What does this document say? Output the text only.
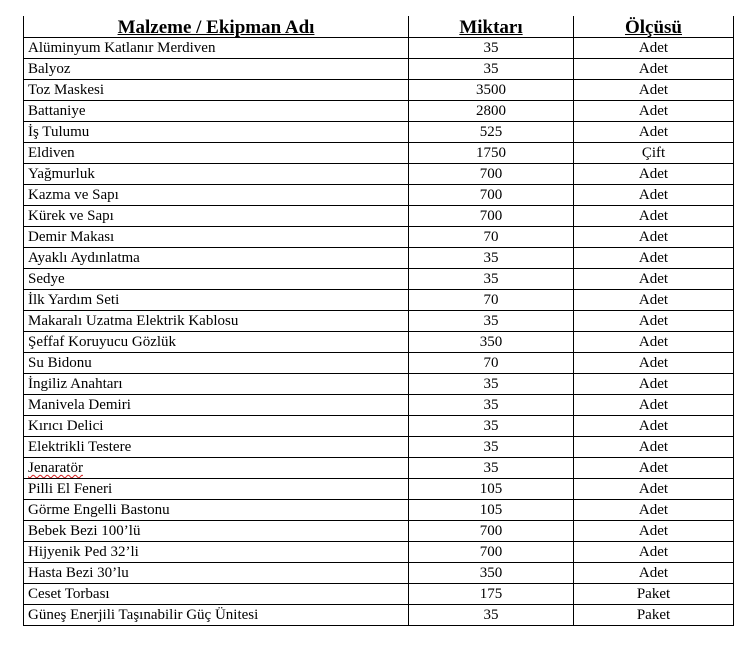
Malzeme / Ekipman Adı	Miktarı	Ölçüsü
Alüminyum Katlanır Merdiven	35	Adet
Balyoz	35	Adet
Toz Maskesi	3500	Adet
Battaniye	2800	Adet
İş Tulumu	525	Adet
Eldiven	1750	Çift
Yağmurluk	700	Adet
Kazma ve Sapı	700	Adet
Kürek ve Sapı	700	Adet
Demir Makası	70	Adet
Ayaklı Aydınlatma	35	Adet
Sedye	35	Adet
İlk Yardım Seti	70	Adet
Makaralı Uzatma Elektrik Kablosu	35	Adet
Şeffaf Koruyucu Gözlük	350	Adet
Su Bidonu	70	Adet
İngiliz Anahtarı	35	Adet
Manivela Demiri	35	Adet
Kırıcı Delici	35	Adet
Elektrikli Testere	35	Adet
Jenaratör	35	Adet
Pilli El Feneri	105	Adet
Görme Engelli Bastonu	105	Adet
Bebek Bezi 100’lü	700	Adet
Hijyenik Ped 32’li	700	Adet
Hasta Bezi 30’lu	350	Adet
Ceset Torbası	175	Paket
Güneş Enerjili Taşınabilir Güç Ünitesi	35	Paket
